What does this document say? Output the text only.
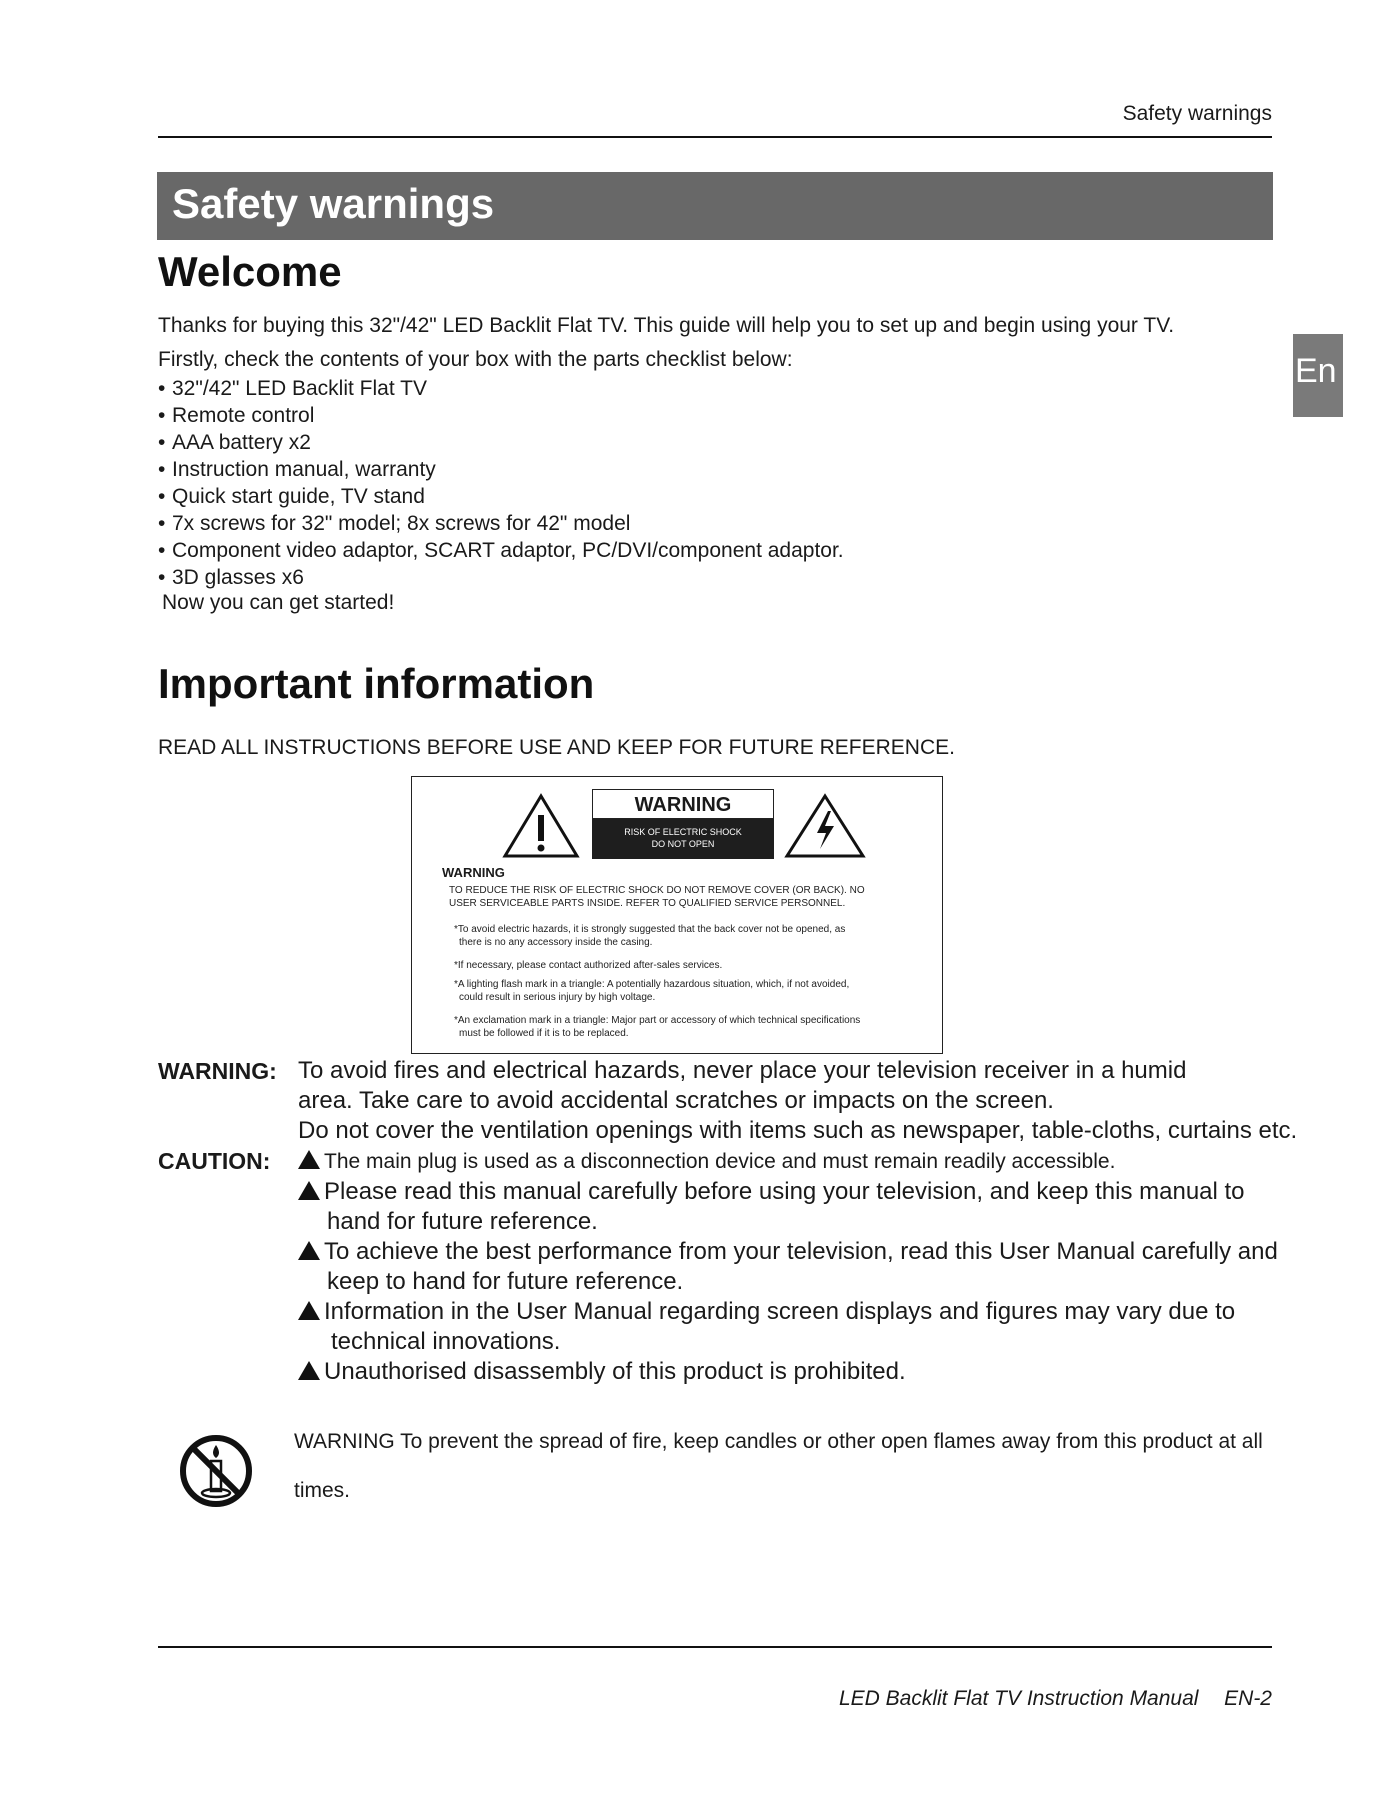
Safety warnings
Safety warnings
En
Welcome
Thanks for buying this 32"/42" LED Backlit Flat TV. This guide will help you to set up and begin using your TV.
Firstly, check the contents of your box with the parts checklist below:
• 32"/42" LED Backlit Flat TV
• Remote control
• AAA battery x2
• Instruction manual, warranty
• Quick start guide, TV stand
• 7x screws for 32" model; 8x screws for 42" model
• Component video adaptor, SCART adaptor, PC/DVI/component adaptor.
• 3D glasses x6
Now you can get started!
Important information
READ ALL INSTRUCTIONS BEFORE USE AND KEEP FOR FUTURE REFERENCE.
WARNING
RISK OF ELECTRIC SHOCK
DO NOT OPEN
WARNING
TO REDUCE THE RISK OF ELECTRIC SHOCK DO NOT REMOVE COVER (OR BACK). NO
USER SERVICEABLE PARTS INSIDE. REFER TO QUALIFIED SERVICE PERSONNEL.
*To avoid electric hazards, it is strongly suggested that the back cover not be opened, as
there is no any accessory inside the casing.
*If necessary, please contact authorized after-sales services.
*A lighting flash mark in a triangle: A potentially hazardous situation, which, if not avoided,
could result in serious injury by high voltage.
*An exclamation mark in a triangle: Major part or accessory of which technical specifications
must be followed if it is to be replaced.
WARNING: To avoid fires and electrical hazards, never place your television receiver in a humid
area. Take care to avoid accidental scratches or impacts on the screen.
Do not cover the ventilation openings with items such as newspaper, table-cloths, curtains etc.
CAUTION:	The main plug is used as a disconnection device and must remain readily accessible.
Please read this manual carefully before using your television, and keep this manual to
hand for future reference.
To achieve the best performance from your television, read this User Manual carefully and
keep to hand for future reference.
Information in the User Manual regarding screen displays and figures may vary due to
technical innovations.
Unauthorised disassembly of this product is prohibited.
WARNING To prevent the spread of fire, keep candles or other open flames away from this product at all
times.
LED Backlit Flat TV Instruction Manual EN-2
